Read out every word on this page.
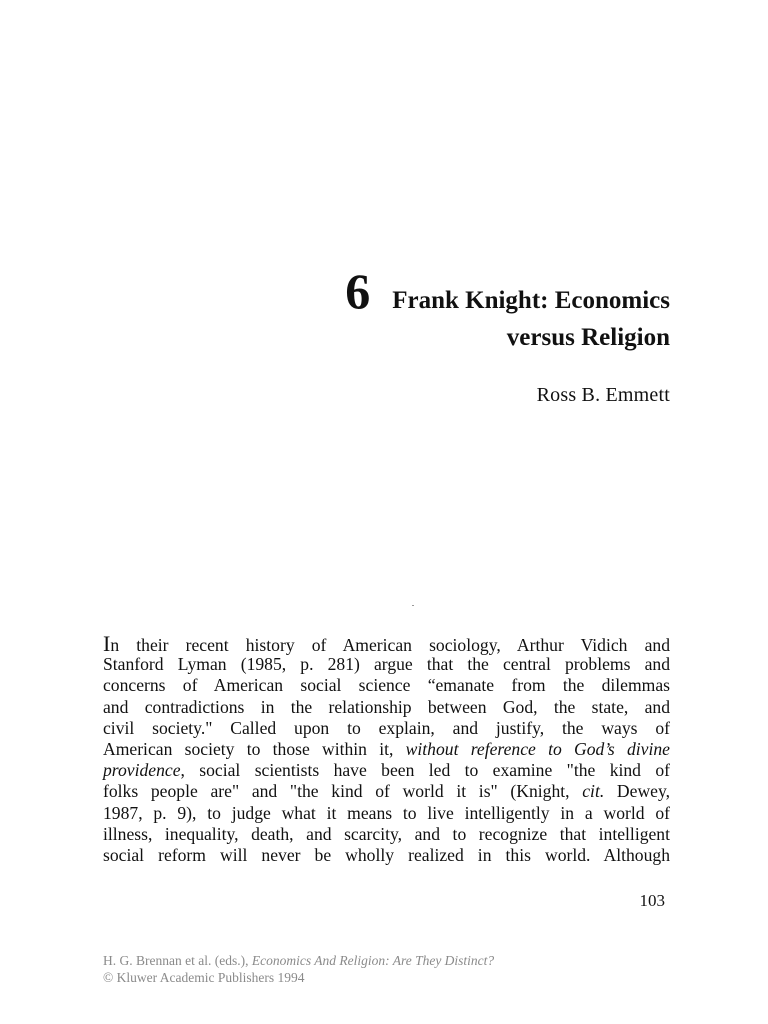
6 Frank Knight: Economics
versus Religion
Ross B. Emmett
In their recent history of American sociology, Arthur Vidich and
Stanford Lyman (1985, p. 281) argue that the central problems and
concerns of American social science “emanate from the dilemmas
and contradictions in the relationship between God, the state, and
civil society." Called upon to explain, and justify, the ways of
American society to those within it, without reference to God’s divine
providence, social scientists have been led to examine "the kind of
folks people are" and "the kind of world it is" (Knight, cit. Dewey,
1987, p. 9), to judge what it means to live intelligently in a world of
illness, inequality, death, and scarcity, and to recognize that intelligent
social reform will never be wholly realized in this world. Although
103
H. G. Brennan et al. (eds.), Economics And Religion: Are They Distinct?
© Kluwer Academic Publishers 1994
